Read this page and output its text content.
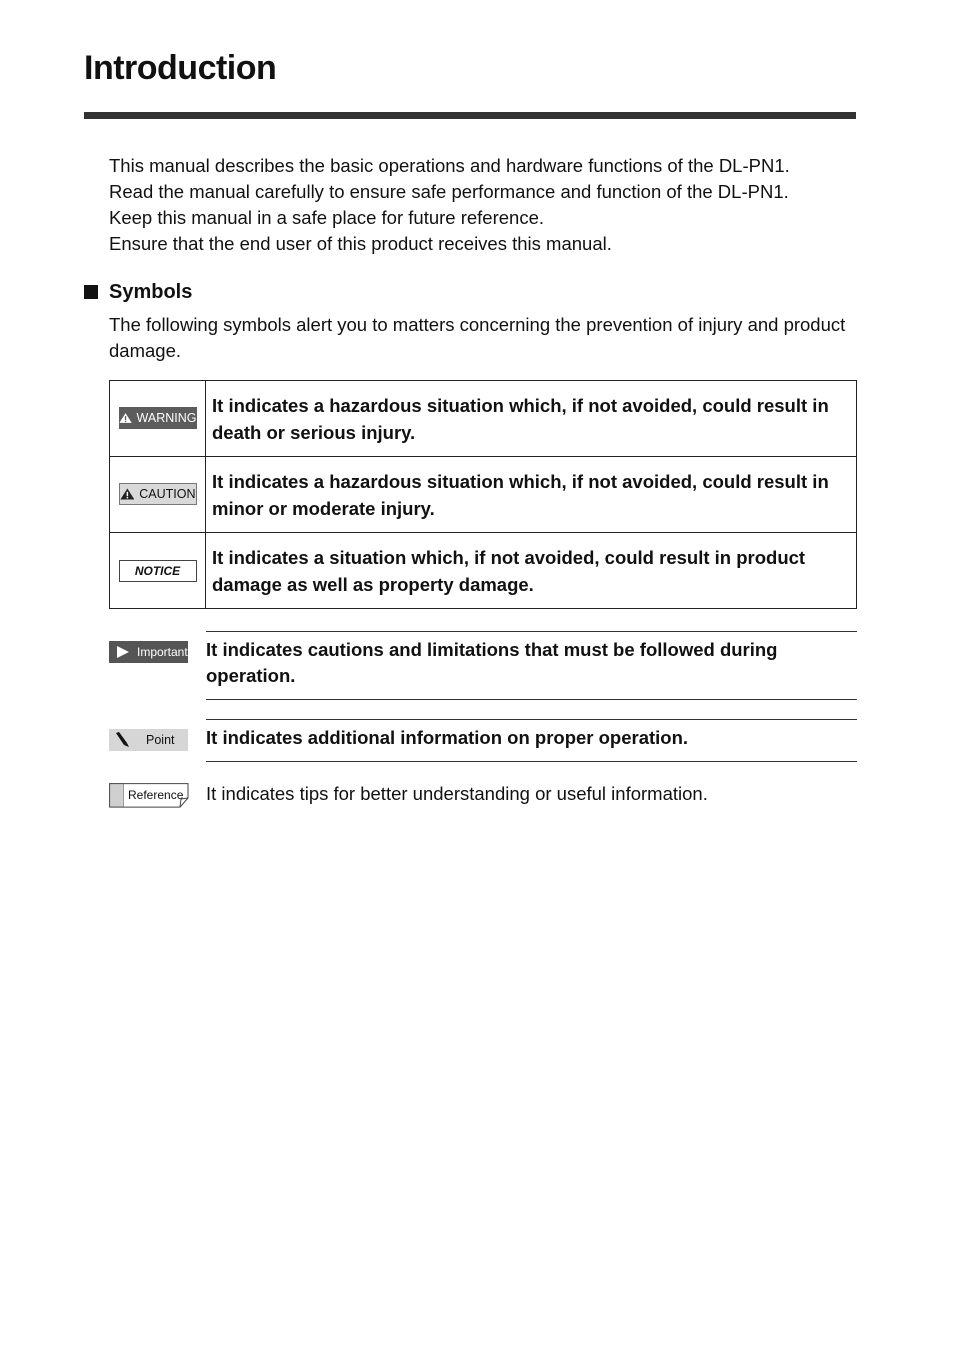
Introduction
This manual describes the basic operations and hardware functions of the DL-PN1.
Read the manual carefully to ensure safe performance and function of the DL-PN1.
Keep this manual in a safe place for future reference.
Ensure that the end user of this product receives this manual.
Symbols
The following symbols alert you to matters concerning the prevention of injury and product damage.
WARNING	It indicates a hazardous situation which, if not avoided, could result in death or serious injury.

CAUTION	It indicates a hazardous situation which, if not avoided, could result in minor or moderate injury.

NOTICE	It indicates a situation which, if not avoided, could result in product damage as well as property damage.
Important It indicates cautions and limitations that must be followed during operation.
Point It indicates additional information on proper operation.
Reference It indicates tips for better understanding or useful information.
